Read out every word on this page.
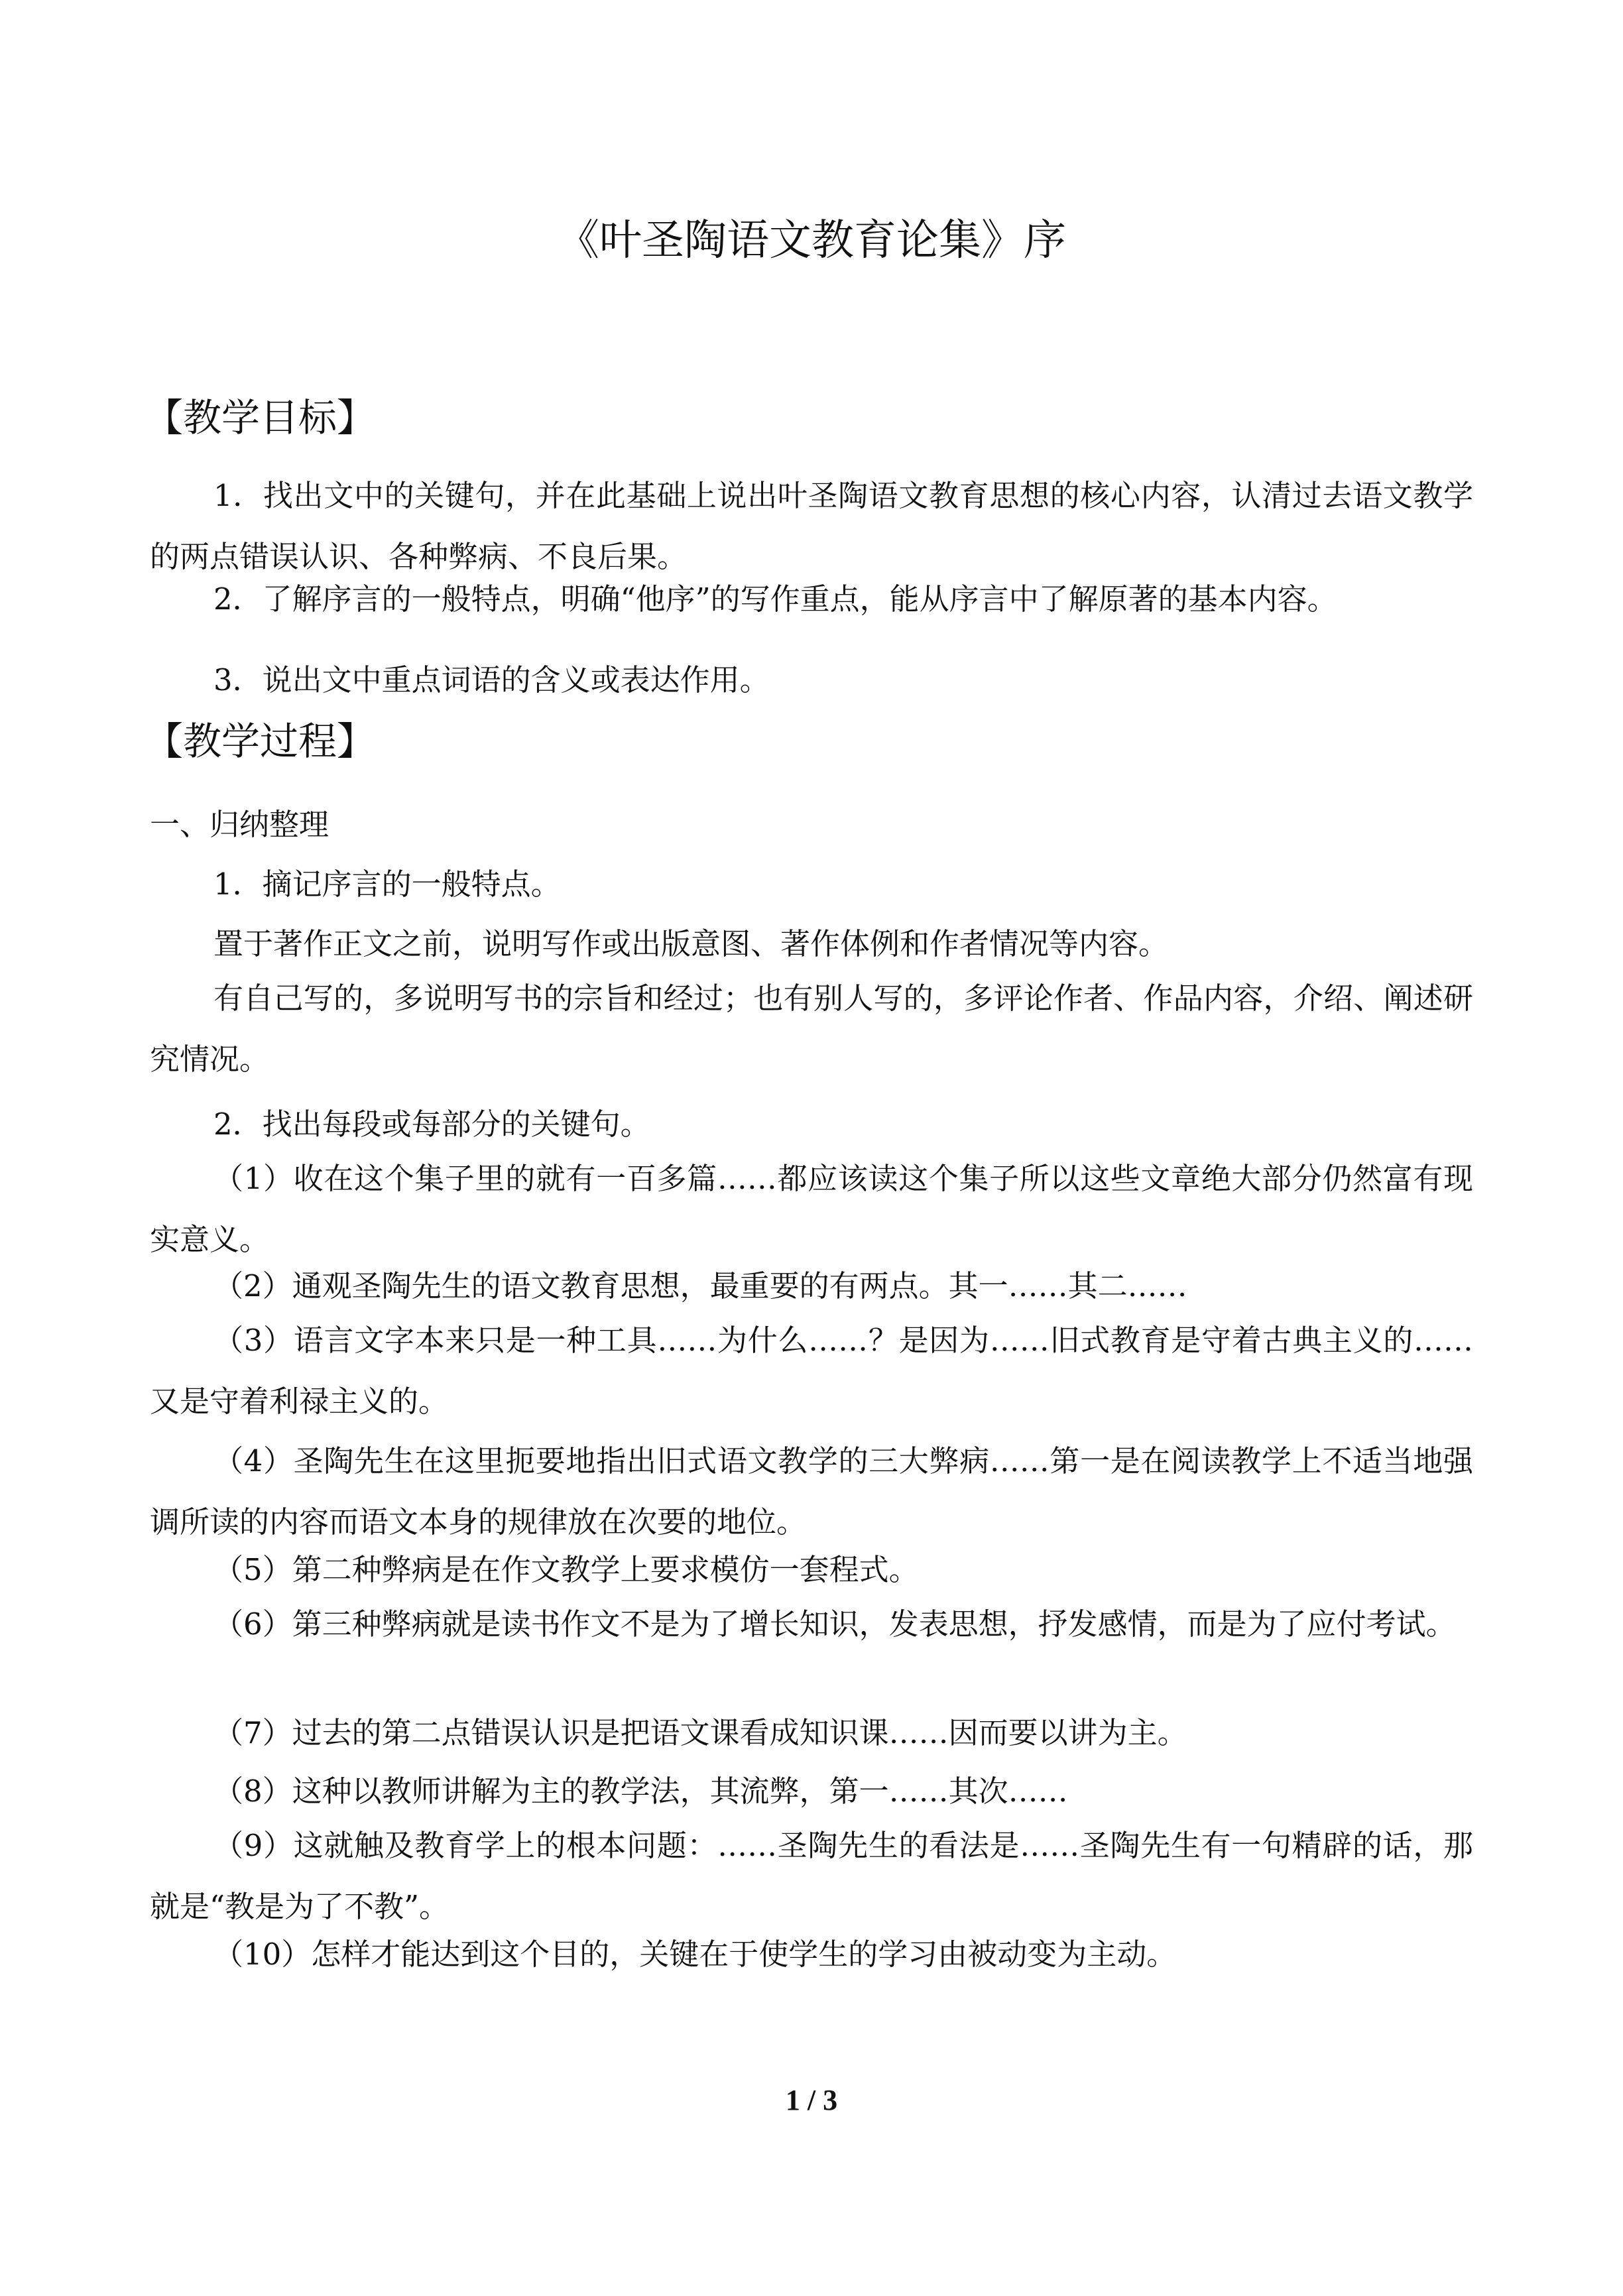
《叶圣陶语文教育论集》序
【教学目标】
1．找出文中的关键句，并在此基础上说出叶圣陶语文教育思想的核心内容，认清过去语文教学的两点错误认识、各种弊病、不良后果。
2．了解序言的一般特点，明确“他序”的写作重点，能从序言中了解原著的基本内容。
3．说出文中重点词语的含义或表达作用。
【教学过程】
一、归纳整理
1．摘记序言的一般特点。
置于著作正文之前，说明写作或出版意图、著作体例和作者情况等内容。
有自己写的，多说明写书的宗旨和经过；也有别人写的，多评论作者、作品内容，介绍、阐述研究情况。
2．找出每段或每部分的关键句。
（1）收在这个集子里的就有一百多篇……都应该读这个集子所以这些文章绝大部分仍然富有现实意义。
（2）通观圣陶先生的语文教育思想，最重要的有两点。其一……其二……
（3）语言文字本来只是一种工具……为什么……？是因为……旧式教育是守着古典主义的……又是守着利禄主义的。
（4）圣陶先生在这里扼要地指出旧式语文教学的三大弊病……第一是在阅读教学上不适当地强调所读的内容而语文本身的规律放在次要的地位。
（5）第二种弊病是在作文教学上要求模仿一套程式。
（6）第三种弊病就是读书作文不是为了增长知识，发表思想，抒发感情，而是为了应付考试。
（7）过去的第二点错误认识是把语文课看成知识课……因而要以讲为主。
（8）这种以教师讲解为主的教学法，其流弊，第一……其次……
（9）这就触及教育学上的根本问题：……圣陶先生的看法是……圣陶先生有一句精辟的话，那就是“教是为了不教”。
（10）怎样才能达到这个目的，关键在于使学生的学习由被动变为主动。
1 / 3
